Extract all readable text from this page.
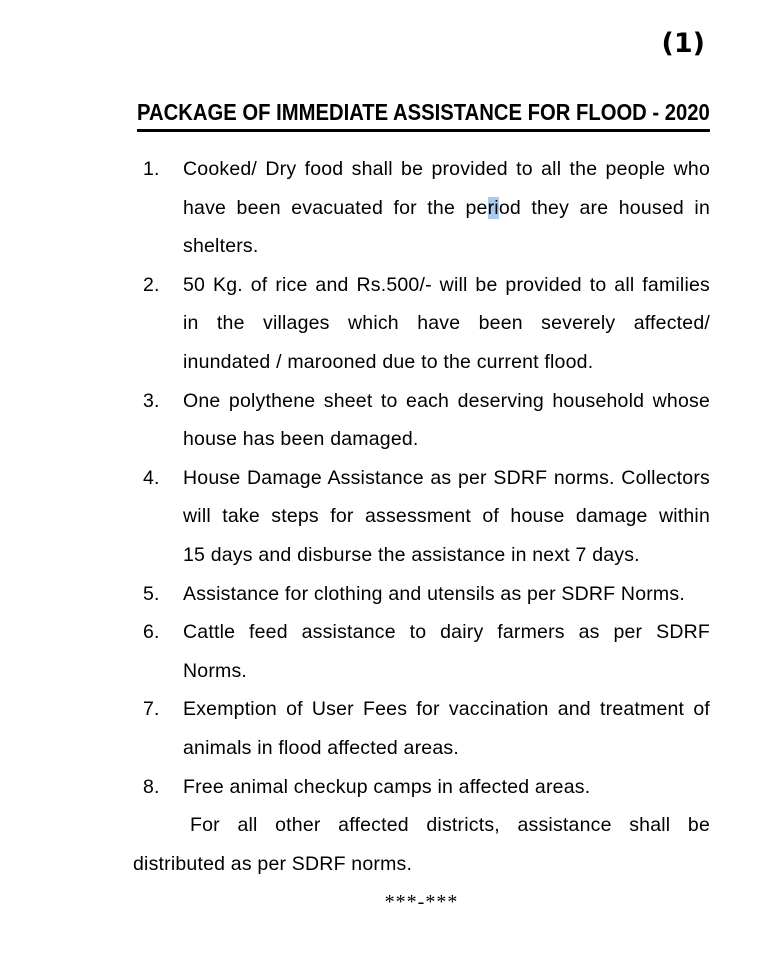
(1)
PACKAGE OF IMMEDIATE ASSISTANCE FOR FLOOD - 2020
1. Cooked/ Dry food shall be provided to all the people who
have been evacuated for the period they are housed in
shelters.
2. 50 Kg. of rice and Rs.500/- will be provided to all families
in the villages which have been severely affected/
inundated / marooned due to the current flood.
3. One polythene sheet to each deserving household whose
house has been damaged.
4. House Damage Assistance as per SDRF norms. Collectors
will take steps for assessment of house damage within
15 days and disburse the assistance in next 7 days.
5. Assistance for clothing and utensils as per SDRF Norms.
6. Cattle feed assistance to dairy farmers as per SDRF
Norms.
7. Exemption of User Fees for vaccination and treatment of
animals in flood affected areas.
8. Free animal checkup camps in affected areas.
For all other affected districts, assistance shall be
distributed as per SDRF norms.
***-***
